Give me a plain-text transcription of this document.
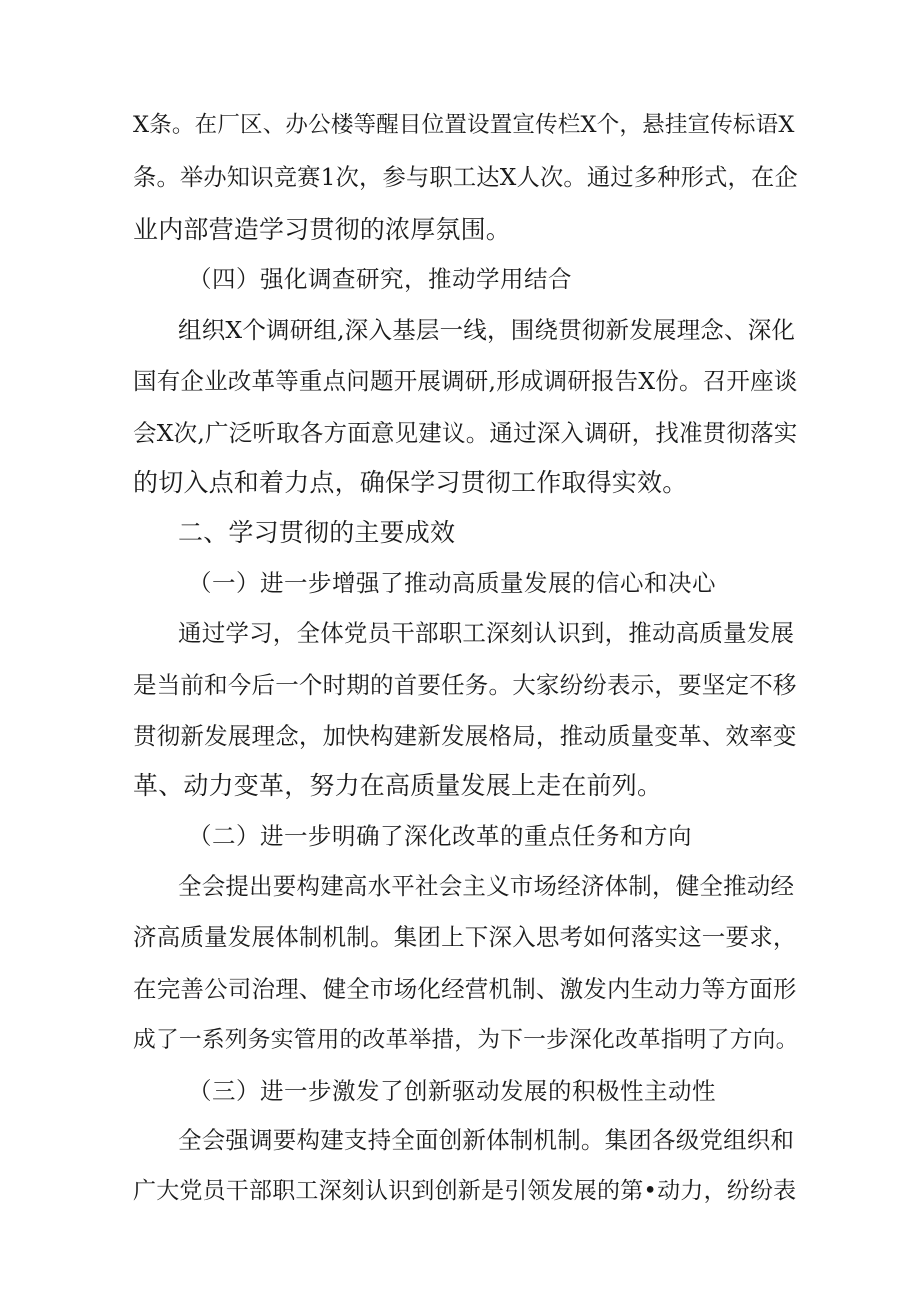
X条。在厂区、办公楼等醒目位置设置宣传栏X个，悬挂宣传标语X
条。举办知识竞赛1次，参与职工达X人次。通过多种形式，在企
业内部营造学习贯彻的浓厚氛围。
（四）强化调查研究，推动学用结合
组织X个调研组,深入基层一线，围绕贯彻新发展理念、深化
国有企业改革等重点问题开展调研,形成调研报告X份。召开座谈
会X次,广泛听取各方面意见建议。通过深入调研，找准贯彻落实
的切入点和着力点，确保学习贯彻工作取得实效。
二、学习贯彻的主要成效
（一）进一步增强了推动高质量发展的信心和决心
通过学习，全体党员干部职工深刻认识到，推动高质量发展
是当前和今后一个时期的首要任务。大家纷纷表示，要坚定不移
贯彻新发展理念，加快构建新发展格局，推动质量变革、效率变
革、动力变革，努力在高质量发展上走在前列。
（二）进一步明确了深化改革的重点任务和方向
全会提出要构建高水平社会主义市场经济体制，健全推动经
济高质量发展体制机制。集团上下深入思考如何落实这一要求，
在完善公司治理、健全市场化经营机制、激发内生动力等方面形
成了一系列务实管用的改革举措，为下一步深化改革指明了方向。
（三）进一步激发了创新驱动发展的积极性主动性
全会强调要构建支持全面创新体制机制。集团各级党组织和
广大党员干部职工深刻认识到创新是引领发展的第•动力，纷纷表
